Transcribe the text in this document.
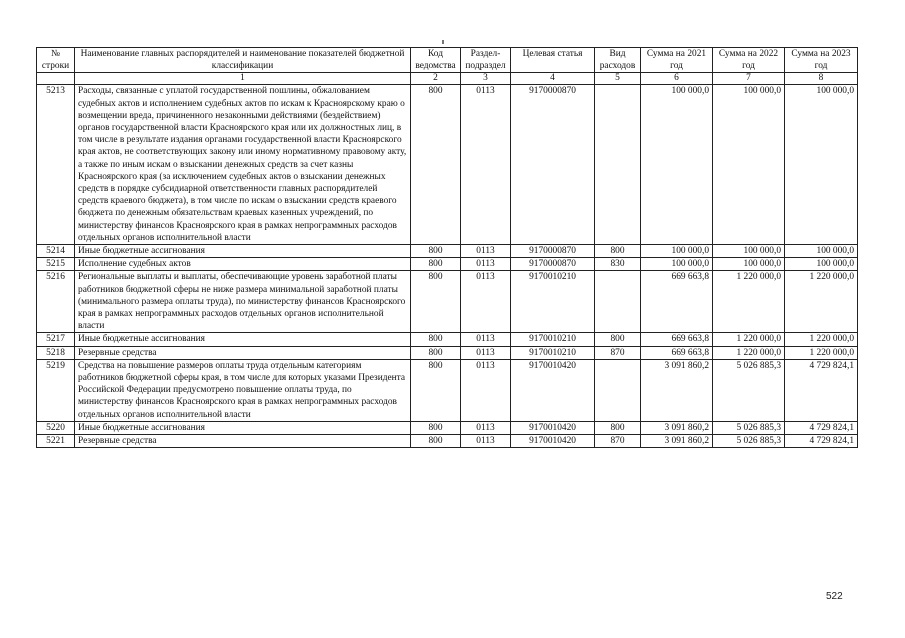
№ строки	Наименование главных распорядителей и наименование показателей бюджетной классификации	Код ведомства	Раздел-подраздел	Целевая статья	Вид расходов	Сумма на 2021 год	Сумма на 2022 год	Сумма на 2023 год
	1	2	3	4	5	6	7	8
5213	Расходы, связанные с уплатой государственной пошлины, обжалованием судебных актов и исполнением судебных актов по искам к Красноярскому краю о возмещении вреда, причиненного незаконными действиями (бездействием) органов государственной власти Красноярского края или их должностных лиц, в том числе в результате издания органами государственной власти Красноярского края актов, не соответствующих закону или иному нормативному правовому акту, а также по иным искам о взыскании денежных средств за счет казны Красноярского края (за исключением судебных актов о взыскании денежных средств в порядке субсидиарной ответственности главных распорядителей средств краевого бюджета), в том числе по искам о взыскании средств краевого бюджета по денежным обязательствам краевых казенных учреждений, по министерству финансов Красноярского края в рамках непрограммных расходов отдельных органов исполнительной власти	800	0113	9170000870		100 000,0	100 000,0	100 000,0
5214	Иные бюджетные ассигнования	800	0113	9170000870	800	100 000,0	100 000,0	100 000,0
5215	Исполнение судебных актов	800	0113	9170000870	830	100 000,0	100 000,0	100 000,0
5216	Региональные выплаты и выплаты, обеспечивающие уровень заработной платы работников бюджетной сферы не ниже размера минимальной заработной платы (минимального размера оплаты труда), по министерству финансов Красноярского края в рамках непрограммных расходов отдельных органов исполнительной власти	800	0113	9170010210		669 663,8	1 220 000,0	1 220 000,0
5217	Иные бюджетные ассигнования	800	0113	9170010210	800	669 663,8	1 220 000,0	1 220 000,0
5218	Резервные средства	800	0113	9170010210	870	669 663,8	1 220 000,0	1 220 000,0
5219	Средства на повышение размеров оплаты труда отдельным категориям работников бюджетной сферы края, в том числе для которых указами Президента Российской Федерации предусмотрено повышение оплаты труда, по министерству финансов Красноярского края в рамках непрограммных расходов отдельных органов исполнительной власти	800	0113	9170010420		3 091 860,2	5 026 885,3	4 729 824,1
5220	Иные бюджетные ассигнования	800	0113	9170010420	800	3 091 860,2	5 026 885,3	4 729 824,1
5221	Резервные средства	800	0113	9170010420	870	3 091 860,2	5 026 885,3	4 729 824,1
522
